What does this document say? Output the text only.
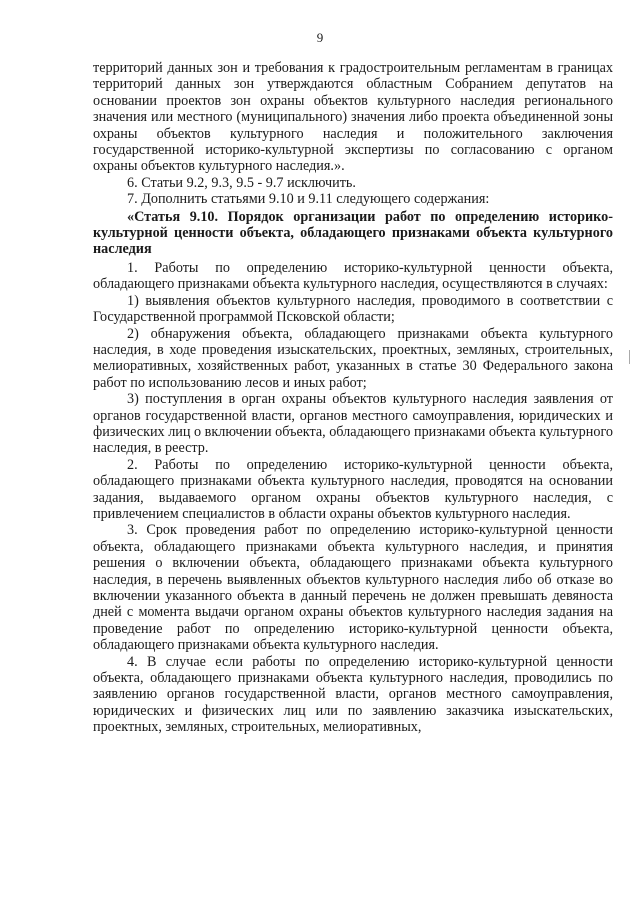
9

территорий данных зон и требования к градостроительным регламентам в границах территорий данных зон утверждаются областным Собранием депутатов на основании проектов зон охраны объектов культурного наследия регионального значения или местного (муниципального) значения либо проекта объединенной зоны охраны объектов культурного наследия и положительного заключения государственной историко-культурной экспертизы по согласованию с органом охраны объектов культурного наследия.».

6. Статьи 9.2, 9.3, 9.5 - 9.7 исключить.

7. Дополнить статьями 9.10 и 9.11 следующего содержания:

«Статья 9.10. Порядок организации работ по определению историко-культурной ценности объекта, обладающего признаками объекта культурного наследия

1. Работы по определению историко-культурной ценности объекта, обладающего признаками объекта культурного наследия, осуществляются в случаях:

1) выявления объектов культурного наследия, проводимого в соответствии с Государственной программой Псковской области;

2) обнаружения объекта, обладающего признаками объекта культурного наследия, в ходе проведения изыскательских, проектных, земляных, строительных, мелиоративных, хозяйственных работ, указанных в статье 30 Федерального закона работ по использованию лесов и иных работ;

3) поступления в орган охраны объектов культурного наследия заявления от органов государственной власти, органов местного самоуправления, юридических и физических лиц о включении объекта, обладающего признаками объекта культурного наследия, в реестр.

2. Работы по определению историко-культурной ценности объекта, обладающего признаками объекта культурного наследия, проводятся на основании задания, выдаваемого органом охраны объектов культурного наследия, с привлечением специалистов в области охраны объектов культурного наследия.

3. Срок проведения работ по определению историко-культурной ценности объекта, обладающего признаками объекта культурного наследия, и принятия решения о включении объекта, обладающего признаками объекта культурного наследия, в перечень выявленных объектов культурного наследия либо об отказе во включении указанного объекта в данный перечень не должен превышать девяноста дней с момента выдачи органом охраны объектов культурного наследия задания на проведение работ по определению историко-культурной ценности объекта, обладающего признаками объекта культурного наследия.

4. В случае если работы по определению историко-культурной ценности объекта, обладающего признаками объекта культурного наследия, проводились по заявлению органов государственной власти, органов местного самоуправления, юридических и физических лиц или по заявлению заказчика изыскательских, проектных, земляных, строительных, мелиоративных,
